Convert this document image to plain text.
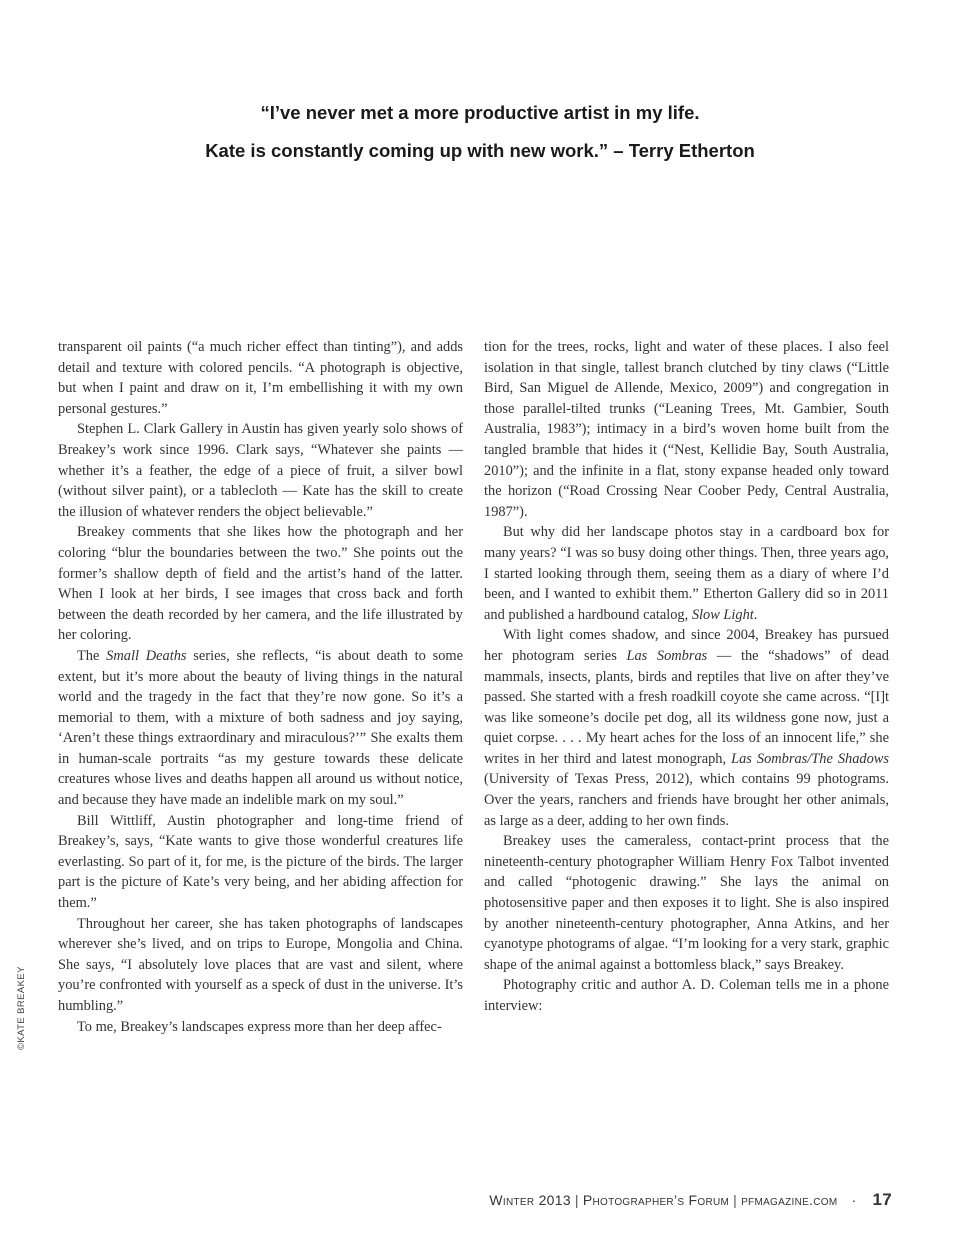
“I’ve never met a more productive artist in my life.

Kate is constantly coming up with new work.” – Terry Etherton

transparent oil paints (“a much richer effect than tinting”), and adds detail and texture with colored pencils. “A photograph is objective, but when I paint and draw on it, I’m embellishing it with my own personal gestures.”

Stephen L. Clark Gallery in Austin has given yearly solo shows of Breakey’s work since 1996. Clark says, “Whatever she paints — whether it’s a feather, the edge of a piece of fruit, a silver bowl (without silver paint), or a tablecloth — Kate has the skill to create the illusion of whatever renders the object believable.”

Breakey comments that she likes how the photograph and her coloring “blur the boundaries between the two.” She points out the former’s shallow depth of field and the artist’s hand of the latter. When I look at her birds, I see images that cross back and forth between the death recorded by her camera, and the life illustrated by her coloring.

The Small Deaths series, she reflects, “is about death to some extent, but it’s more about the beauty of living things in the natural world and the tragedy in the fact that they’re now gone. So it’s a memorial to them, with a mixture of both sadness and joy saying, ‘Aren’t these things extraordinary and miraculous?’” She exalts them in human-scale portraits “as my gesture towards these delicate creatures whose lives and deaths happen all around us without notice, and because they have made an indelible mark on my soul.”

Bill Wittliff, Austin photographer and long-time friend of Breakey’s, says, “Kate wants to give those wonderful creatures life everlasting. So part of it, for me, is the picture of the birds. The larger part is the picture of Kate’s very being, and her abiding affection for them.”

Throughout her career, she has taken photographs of landscapes wherever she’s lived, and on trips to Europe, Mongolia and China. She says, “I absolutely love places that are vast and silent, where you’re confronted with yourself as a speck of dust in the universe. It’s humbling.”

To me, Breakey’s landscapes express more than her deep affec-

tion for the trees, rocks, light and water of these places. I also feel isolation in that single, tallest branch clutched by tiny claws (“Little Bird, San Miguel de Allende, Mexico, 2009”) and congregation in those parallel-tilted trunks (“Leaning Trees, Mt. Gambier, South Australia, 1983”); intimacy in a bird’s woven home built from the tangled bramble that hides it (“Nest, Kellidie Bay, South Australia, 2010”); and the infinite in a flat, stony expanse headed only toward the horizon (“Road Crossing Near Coober Pedy, Central Australia, 1987”).

But why did her landscape photos stay in a cardboard box for many years? “I was so busy doing other things. Then, three years ago, I started looking through them, seeing them as a diary of where I’d been, and I wanted to exhibit them.” Etherton Gallery did so in 2011 and published a hardbound catalog, Slow Light.

With light comes shadow, and since 2004, Breakey has pursued her photogram series Las Sombras — the “shadows” of dead mammals, insects, plants, birds and reptiles that live on after they’ve passed. She started with a fresh roadkill coyote she came across. “[I]t was like someone’s docile pet dog, all its wildness gone now, just a quiet corpse. . . . My heart aches for the loss of an innocent life,” she writes in her third and latest monograph, Las Sombras/The Shadows (University of Texas Press, 2012), which contains 99 photograms. Over the years, ranchers and friends have brought her other animals, as large as a deer, adding to her own finds.

Breakey uses the cameraless, contact-print process that the nineteenth-century photographer William Henry Fox Talbot invented and called “photogenic drawing.” She lays the animal on photosensitive paper and then exposes it to light. She is also inspired by another nineteenth-century photographer, Anna Atkins, and her cyanotype photograms of algae. “I’m looking for a very stark, graphic shape of the animal against a bottomless black,” says Breakey.

Photography critic and author A. D. Coleman tells me in a phone interview:

©KATE BREAKEY
Winter 2013 | Photographer’s Forum | pfmagazine.com · 17
